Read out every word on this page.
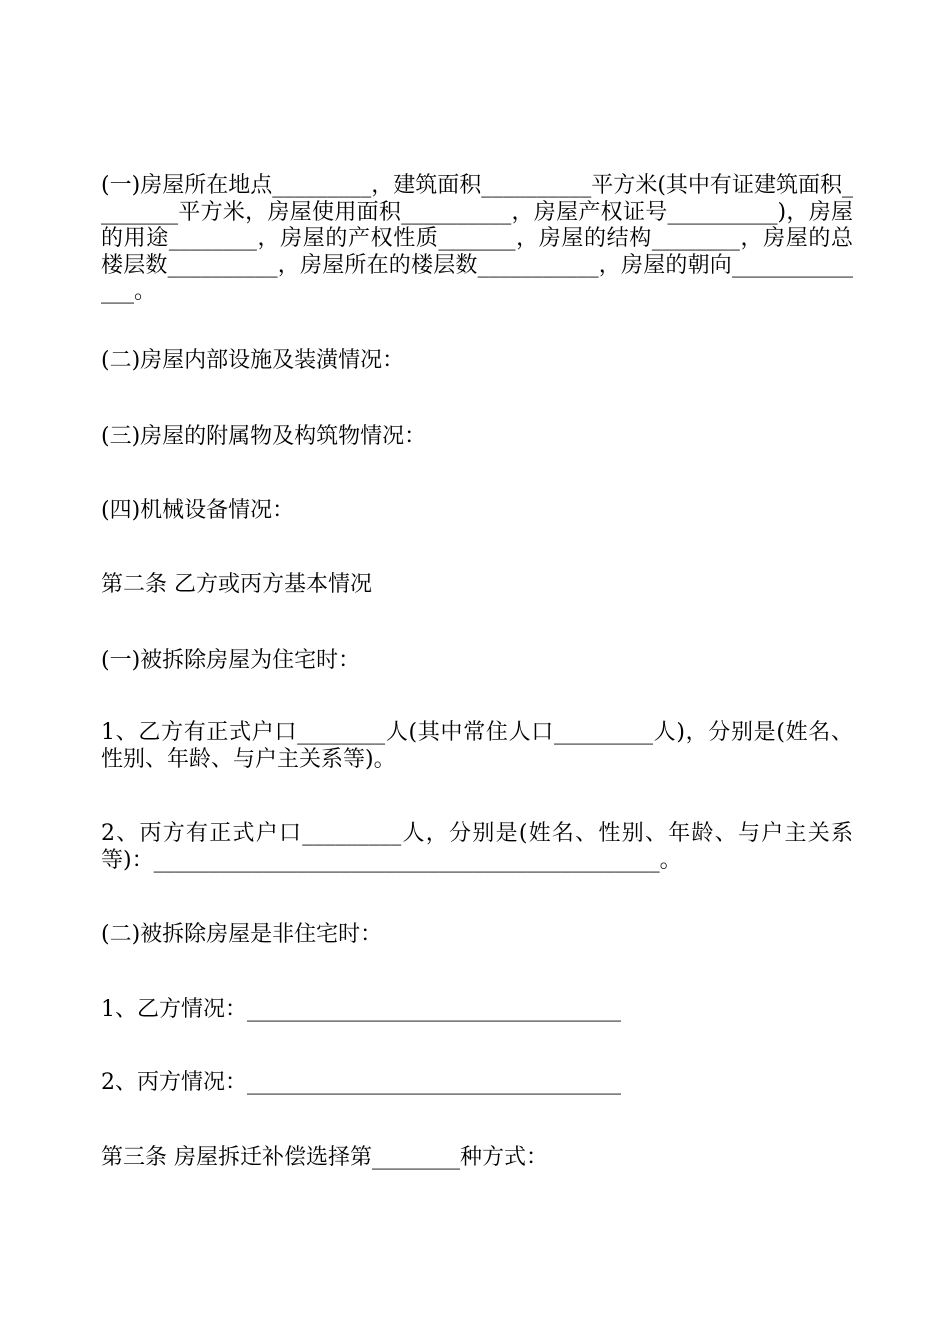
(一)房屋所在地点_________，建筑面积__________平方米(其中有证建筑面积________平方米，房屋使用面积__________，房屋产权证号__________)，房屋的用途________，房屋的产权性质_______，房屋的结构________，房屋的总楼层数__________，房屋所在的楼层数___________，房屋的朝向______________。

(二)房屋内部设施及装潢情况：

(三)房屋的附属物及构筑物情况：

(四)机械设备情况：

第二条 乙方或丙方基本情况

(一)被拆除房屋为住宅时：

1、乙方有正式户口________人(其中常住人口_________人)，分别是(姓名、性别、年龄、与户主关系等)。

2、丙方有正式户口_________人，分别是(姓名、性别、年龄、与户主关系等)：______________________________________________。

(二)被拆除房屋是非住宅时：

1、乙方情况：__________________________________

2、丙方情况：__________________________________

第三条 房屋拆迁补偿选择第________种方式：
